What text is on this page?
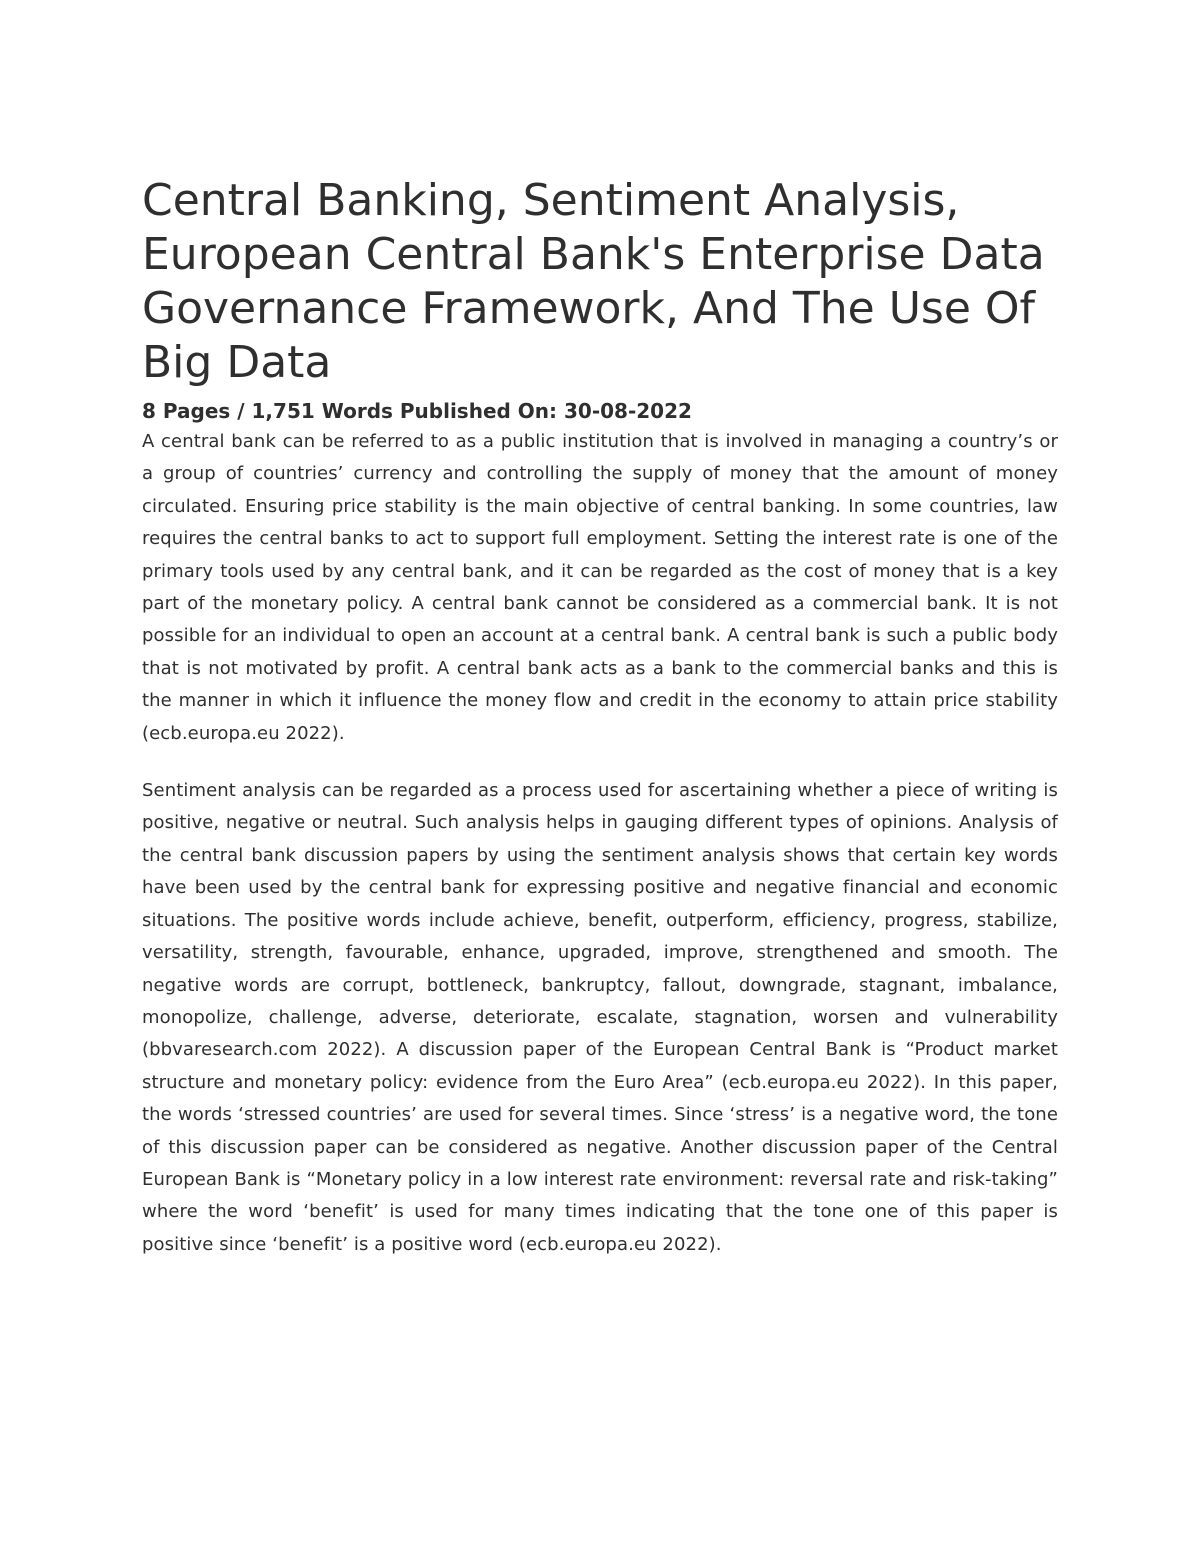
Central Banking, Sentiment Analysis, European Central Bank's Enterprise Data Governance Framework, And The Use Of Big Data
8 Pages / 1,751 Words Published On: 30-08-2022

A central bank can be referred to as a public institution that is involved in managing a country’s or a group of countries’ currency and controlling the supply of money that the amount of money circulated. Ensuring price stability is the main objective of central banking. In some countries, law requires the central banks to act to support full employment. Setting the interest rate is one of the primary tools used by any central bank, and it can be regarded as the cost of money that is a key part of the monetary policy. A central bank cannot be considered as a commercial bank. It is not possible for an individual to open an account at a central bank. A central bank is such a public body that is not motivated by profit. A central bank acts as a bank to the commercial banks and this is the manner in which it influence the money flow and credit in the economy to attain price stability (ecb.europa.eu 2022).

Sentiment analysis can be regarded as a process used for ascertaining whether a piece of writing is positive, negative or neutral. Such analysis helps in gauging different types of opinions. Analysis of the central bank discussion papers by using the sentiment analysis shows that certain key words have been used by the central bank for expressing positive and negative financial and economic situations. The positive words include achieve, benefit, outperform, efficiency, progress, stabilize, versatility, strength, favourable, enhance, upgraded, improve, strengthened and smooth. The negative words are corrupt, bottleneck, bankruptcy, fallout, downgrade, stagnant, imbalance, monopolize, challenge, adverse, deteriorate, escalate, stagnation, worsen and vulnerability (bbvaresearch.com 2022). A discussion paper of the European Central Bank is “Product market structure and monetary policy: evidence from the Euro Area” (ecb.europa.eu 2022). In this paper, the words ‘stressed countries’ are used for several times. Since ‘stress’ is a negative word, the tone of this discussion paper can be considered as negative. Another discussion paper of the Central European Bank is “Monetary policy in a low interest rate environment: reversal rate and risk-taking” where the word ‘benefit’ is used for many times indicating that the tone one of this paper is positive since ‘benefit’ is a positive word (ecb.europa.eu 2022).
